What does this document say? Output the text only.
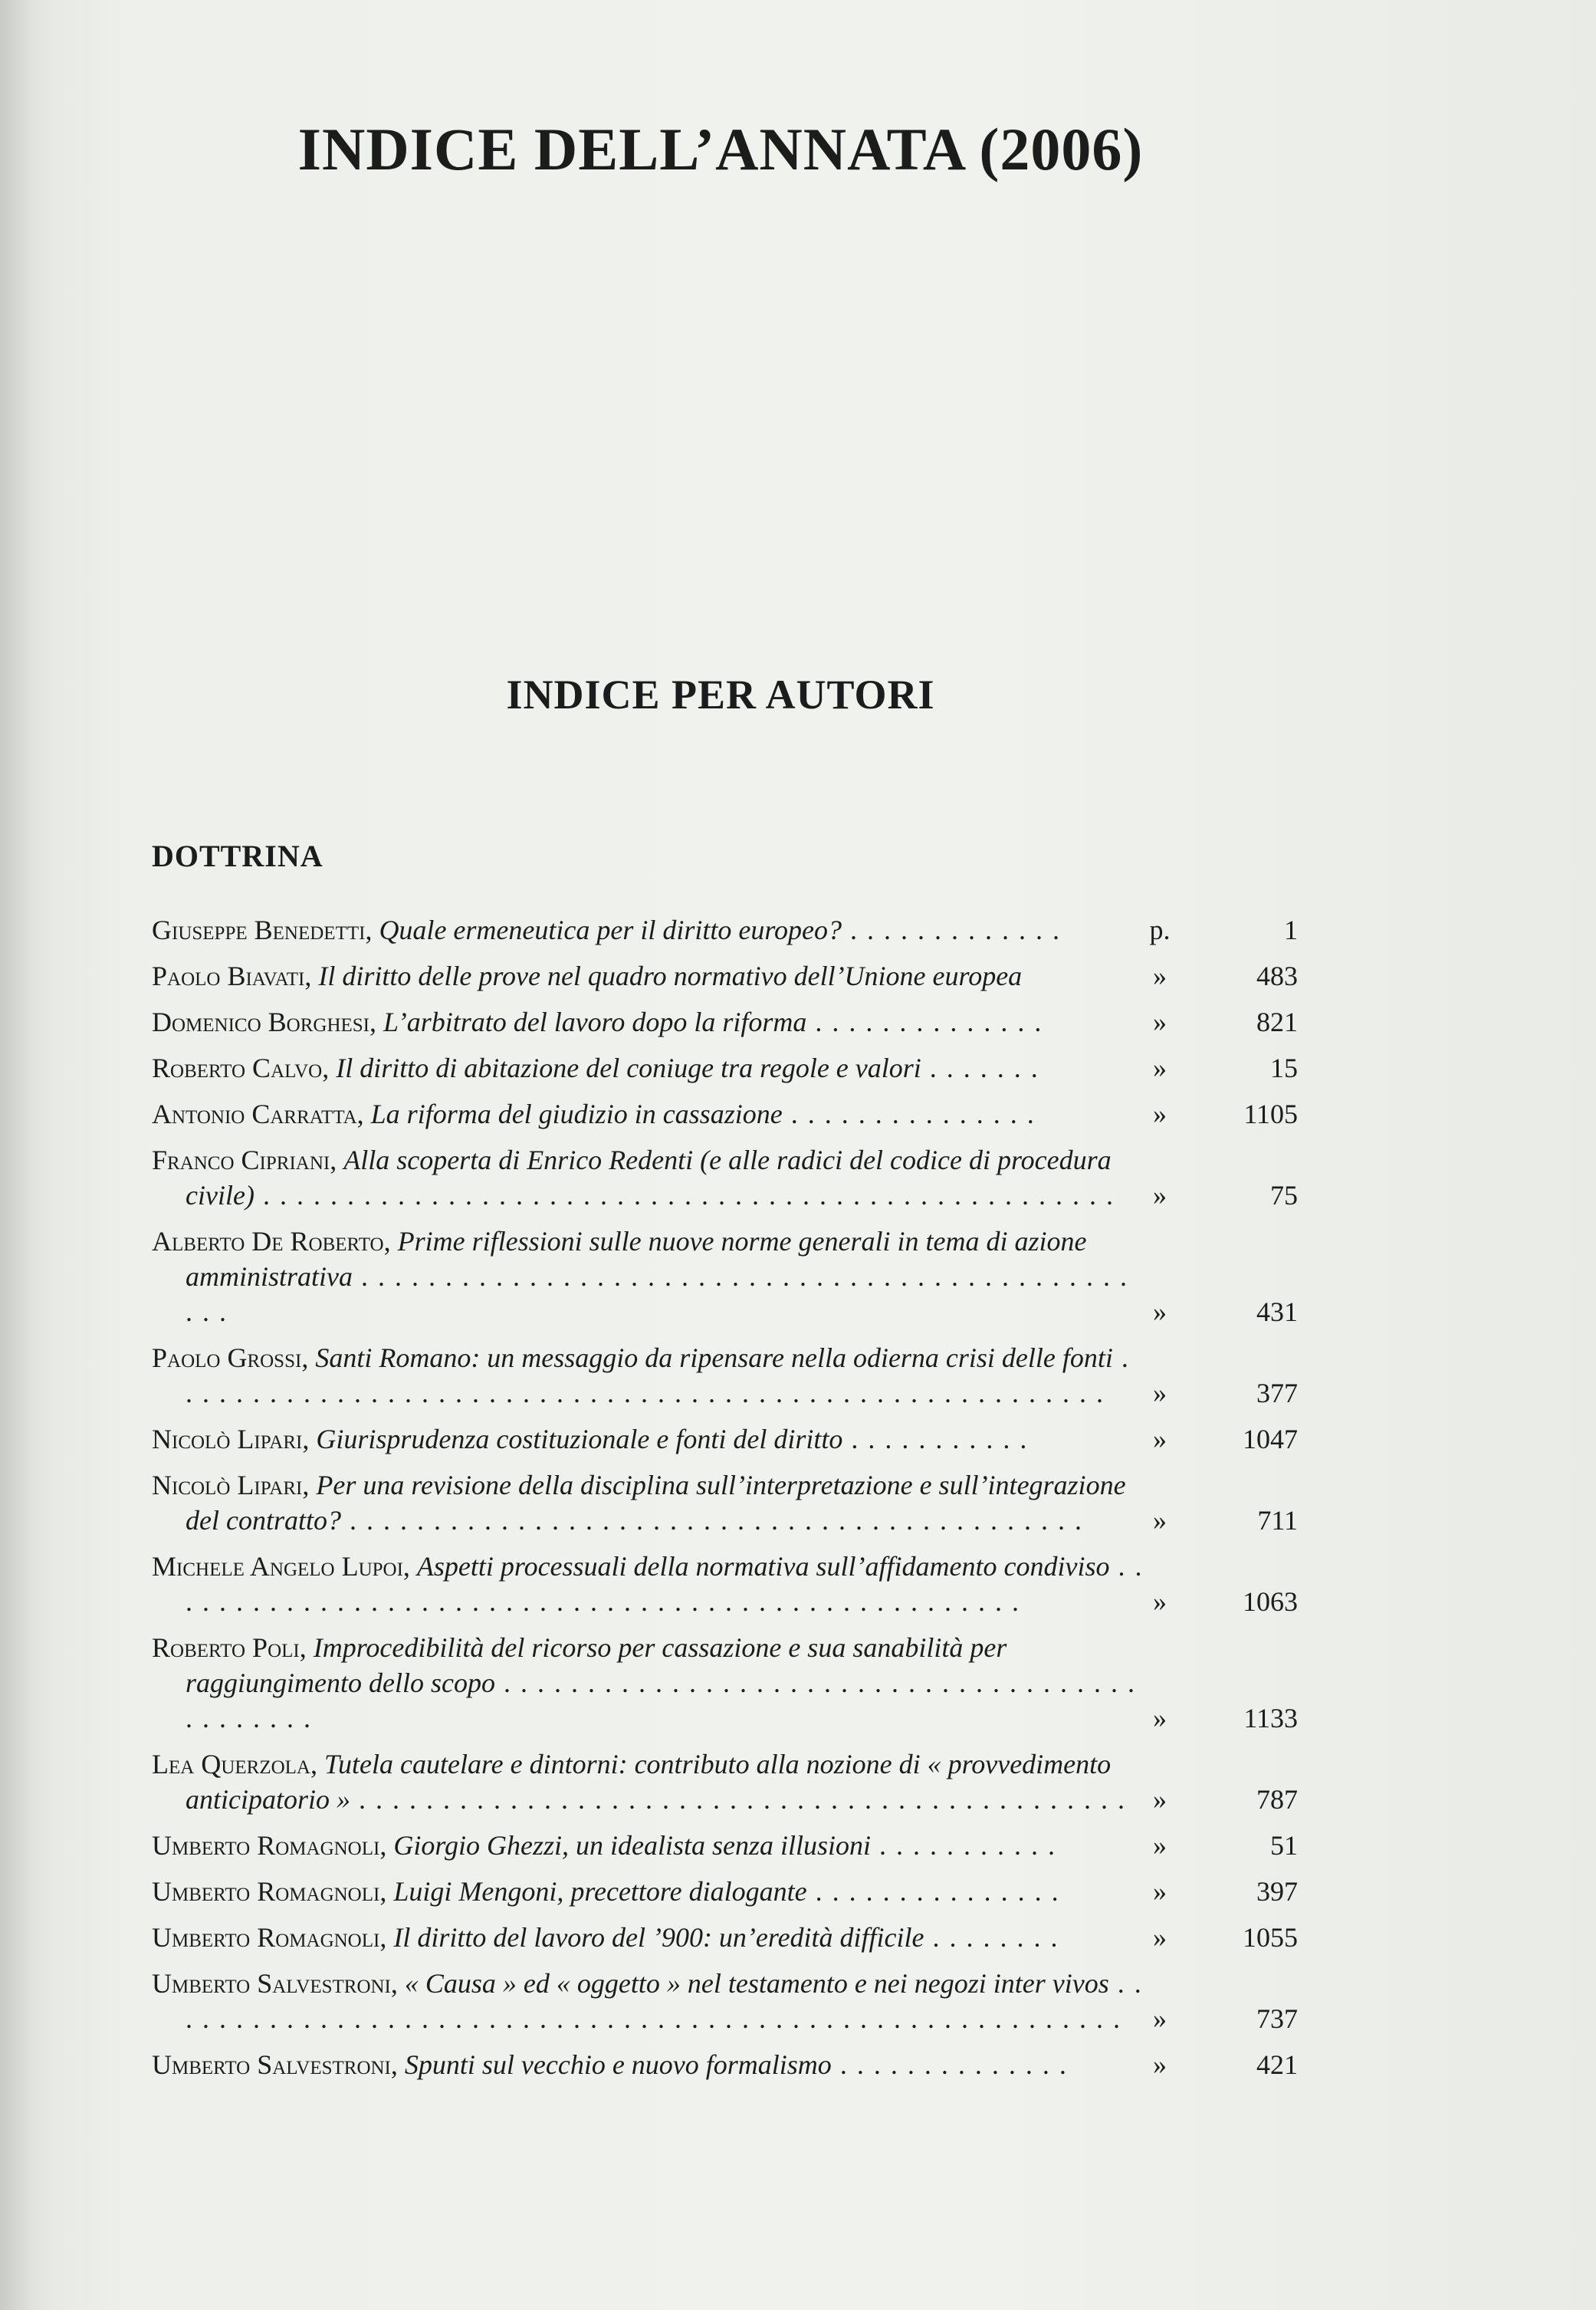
INDICE DELL’ANNATA (2006)
INDICE PER AUTORI
DOTTRINA
Giuseppe Benedetti, Quale ermeneutica per il diritto europeo? . . . . . . . . . . . . .	p.	1
Paolo Biavati, Il diritto delle prove nel quadro normativo dell’Unione europea	»	483
Domenico Borghesi, L’arbitrato del lavoro dopo la riforma . . . . . . . . . . . . . .	»	821
Roberto Calvo, Il diritto di abitazione del coniuge tra regole e valori . . . . . . .	»	15
Antonio Carratta, La riforma del giudizio in cassazione . . . . . . . . . . . . . . .	»	1105
Franco Cipriani, Alla scoperta di Enrico Redenti (e alle radici del codice di procedura civile) . . . . . . . . . . . . . . . . . . . . . . . . . . . . . . . . . . . . . . . . . . . . . . . . . . .	»	75
Alberto De Roberto, Prime riflessioni sulle nuove norme generali in tema di azione amministrativa . . . . . . . . . . . . . . . . . . . . . . . . . . . . . . . . . . . . . . . . . . . . . . . . .	»	431
Paolo Grossi, Santi Romano: un messaggio da ripensare nella odierna crisi delle fonti . . . . . . . . . . . . . . . . . . . . . . . . . . . . . . . . . . . . . . . . . . . . . . . . . . . . . . . .	»	377
Nicolò Lipari, Giurisprudenza costituzionale e fonti del diritto . . . . . . . . . . .	»	1047
Nicolò Lipari, Per una revisione della disciplina sull’interpretazione e sull’integrazione del contratto? . . . . . . . . . . . . . . . . . . . . . . . . . . . . . . . . . . . . . . . . . . . .	»	711
Michele Angelo Lupoi, Aspetti processuali della normativa sull’affidamento condiviso . . . . . . . . . . . . . . . . . . . . . . . . . . . . . . . . . . . . . . . . . . . . . . . . . . . .	»	1063
Roberto Poli, Improcedibilità del ricorso per cassazione e sua sanabilità per raggiungimento dello scopo . . . . . . . . . . . . . . . . . . . . . . . . . . . . . . . . . . . . . . . . . . . . . .	»	1133
Lea Querzola, Tutela cautelare e dintorni: contributo alla nozione di « provvedimento anticipatorio » . . . . . . . . . . . . . . . . . . . . . . . . . . . . . . . . . . . . . . . . . . . . . . »	787
Umberto Romagnoli, Giorgio Ghezzi, un idealista senza illusioni . . . . . . . . . . .	»	51
Umberto Romagnoli, Luigi Mengoni, precettore dialogante . . . . . . . . . . . . . . .	»	397
Umberto Romagnoli, Il diritto del lavoro del ’900: un’eredità difficile . . . . . . . .	»	1055
Umberto Salvestroni, « Causa » ed « oggetto » nel testamento e nei negozi inter vivos . . . . . . . . . . . . . . . . . . . . . . . . . . . . . . . . . . . . . . . . . . . . . . . . . . . . . . . . . .	»	737
Umberto Salvestroni, Spunti sul vecchio e nuovo formalismo . . . . . . . . . . . . . .	»	421
